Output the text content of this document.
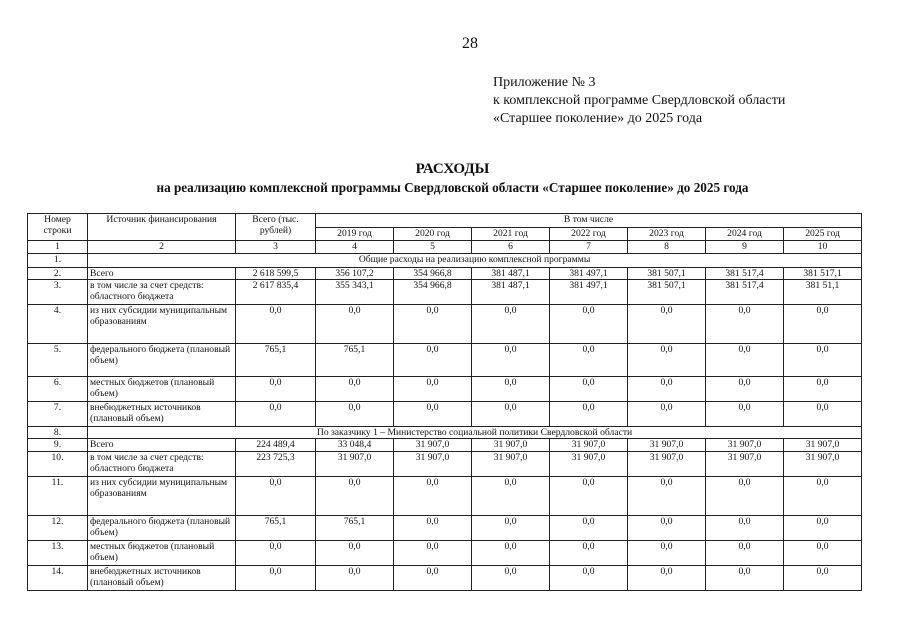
28
Приложение № 3
к комплексной программе Свердловской области
«Старшее поколение» до 2025 года
РАСХОДЫ
на реализацию комплексной программы Свердловской области «Старшее поколение» до 2025 года
Номер строки	Источник финансирования	Всего (тыс. рублей)	В том числе						
			2019 год	2020 год	2021 год	2022 год	2023 год	2024 год	2025 год
1	2	3	4	5	6	7	8	9	10
1.	Общие расходы на реализацию комплексной программы								
2.	Всего	2 618 599,5	356 107,2	354 966,8	381 487,1	381 497,1	381 507,1	381 517,4	381 517,1
3.	в том числе за счет средств: областного бюджета	2 617 835,4	355 343,1	354 966,8	381 487,1	381 497,1	381 507,1	381 517,4	381 51,1
4.	из них субсидии муниципальным образованиям	0,0	0,0	0,0	0,0	0,0	0,0	0,0	0,0
5.	федерального бюджета (плановый объем)	765,1	765,1	0,0	0,0	0,0	0,0	0,0	0,0
6.	местных бюджетов (плановый объем)	0,0	0,0	0,0	0,0	0,0	0,0	0,0	0,0
7.	внебюджетных источников (плановый объем)	0,0	0,0	0,0	0,0	0,0	0,0	0,0	0,0
8.	По заказчику 1 – Министерство социальной политики Свердловской области								
9.	Всего	224 489,4	33 048,4	31 907,0	31 907,0	31 907,0	31 907,0	31 907,0	31 907,0
10.	в том числе за счет средств: областного бюджета	223 725,3	31 907,0	31 907,0	31 907,0	31 907,0	31 907,0	31 907,0	31 907,0
11.	из них субсидии муниципальным образованиям	0,0	0,0	0,0	0,0	0,0	0,0	0,0	0,0
12.	федерального бюджета (плановый объем)	765,1	765,1	0,0	0,0	0,0	0,0	0,0	0,0
13.	местных бюджетов (плановый объем)	0,0	0,0	0,0	0,0	0,0	0,0	0,0	0,0
14.	внебюджетных источников (плановый объем)	0,0	0,0	0,0	0,0	0,0	0,0	0,0	0,0
